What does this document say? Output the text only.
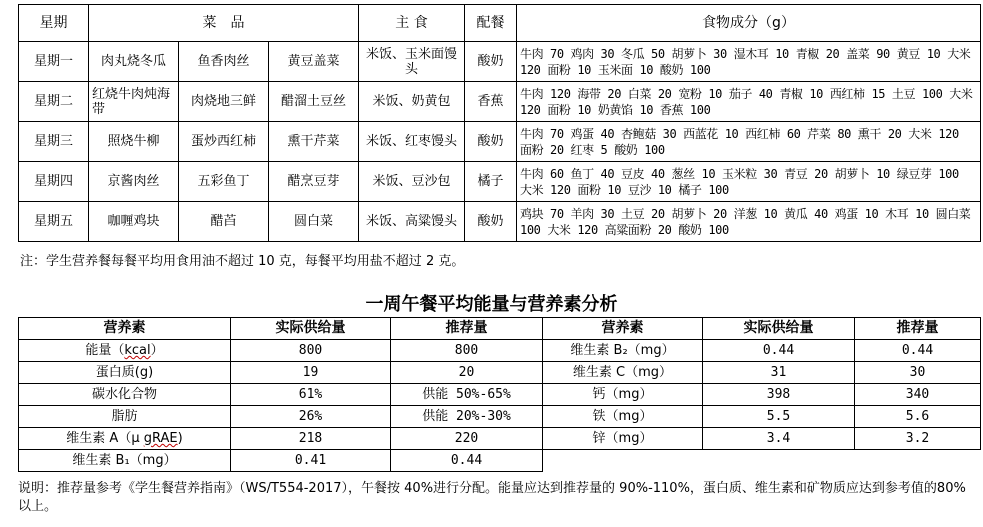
星期	菜　品			主 食	配餐	食物成分（g）
星期一	肉丸烧冬瓜	鱼香肉丝	黄豆盖菜	米饭、玉米面馒头	酸奶	牛肉 70 鸡肉 30 冬瓜 50 胡萝卜 30 湿木耳 10 青椒 20 盖菜 90 黄豆 10 大米 120 面粉 10 玉米面 10 酸奶 100
星期二	红烧牛肉炖海带	肉烧地三鲜	醋溜土豆丝	米饭、奶黄包	香蕉	牛肉 120 海带 20 白菜 20 宽粉 10 茄子 40 青椒 10 西红柿 15 土豆 100 大米 120 面粉 10 奶黄馅 10 香蕉 100
星期三	照烧牛柳	蛋炒西红柿	熏干芹菜	米饭、红枣馒头	酸奶	牛肉 70 鸡蛋 40 杏鲍菇 30 西蓝花 10 西红柿 60 芹菜 80 熏干 20 大米 120 面粉 20 红枣 5 酸奶 100
星期四	京酱肉丝	五彩鱼丁	醋烹豆芽	米饭、豆沙包	橘子	牛肉 60 鱼丁 40 豆皮 40 葱丝 10 玉米粒 30 青豆 20 胡萝卜 10 绿豆芽 100 大米 120 面粉 10 豆沙 10 橘子 100
星期五	咖喱鸡块	醋苩	圆白菜	米饭、高粱馒头	酸奶	鸡块 70 羊肉 30 土豆 20 胡萝卜 20 洋葱 10 黄瓜 40 鸡蛋 10 木耳 10 圆白菜 100 大米 120 高粱面粉 20 酸奶 100
注：学生营养餐每餐平均用食用油不超过 10 克，每餐平均用盐不超过 2 克。
一周午餐平均能量与营养素分析
营养素	实际供给量	推荐量	营养素	实际供给量	推荐量
能量（kcal）	800	800	维生素 B₂（mg）	0.44	0.44
蛋白质(g)	19	20	维生素 C（mg）	31	30
碳水化合物	61%	供能 50%-65%	钙（mg）	398	340
脂肪	26%	供能 20%-30%	铁（mg）	5.5	5.6
维生素 A（μ gRAE)	218	220	锌（mg）	3.4	3.2
维生素 B₁（mg）	0.41	0.44			
说明：推荐量参考《学生餐营养指南》（WS/T554-2017），午餐按 40%进行分配。能量应达到推荐量的 90%-110%，蛋白质、维生素和矿物质应达到参考值的80%以上。
